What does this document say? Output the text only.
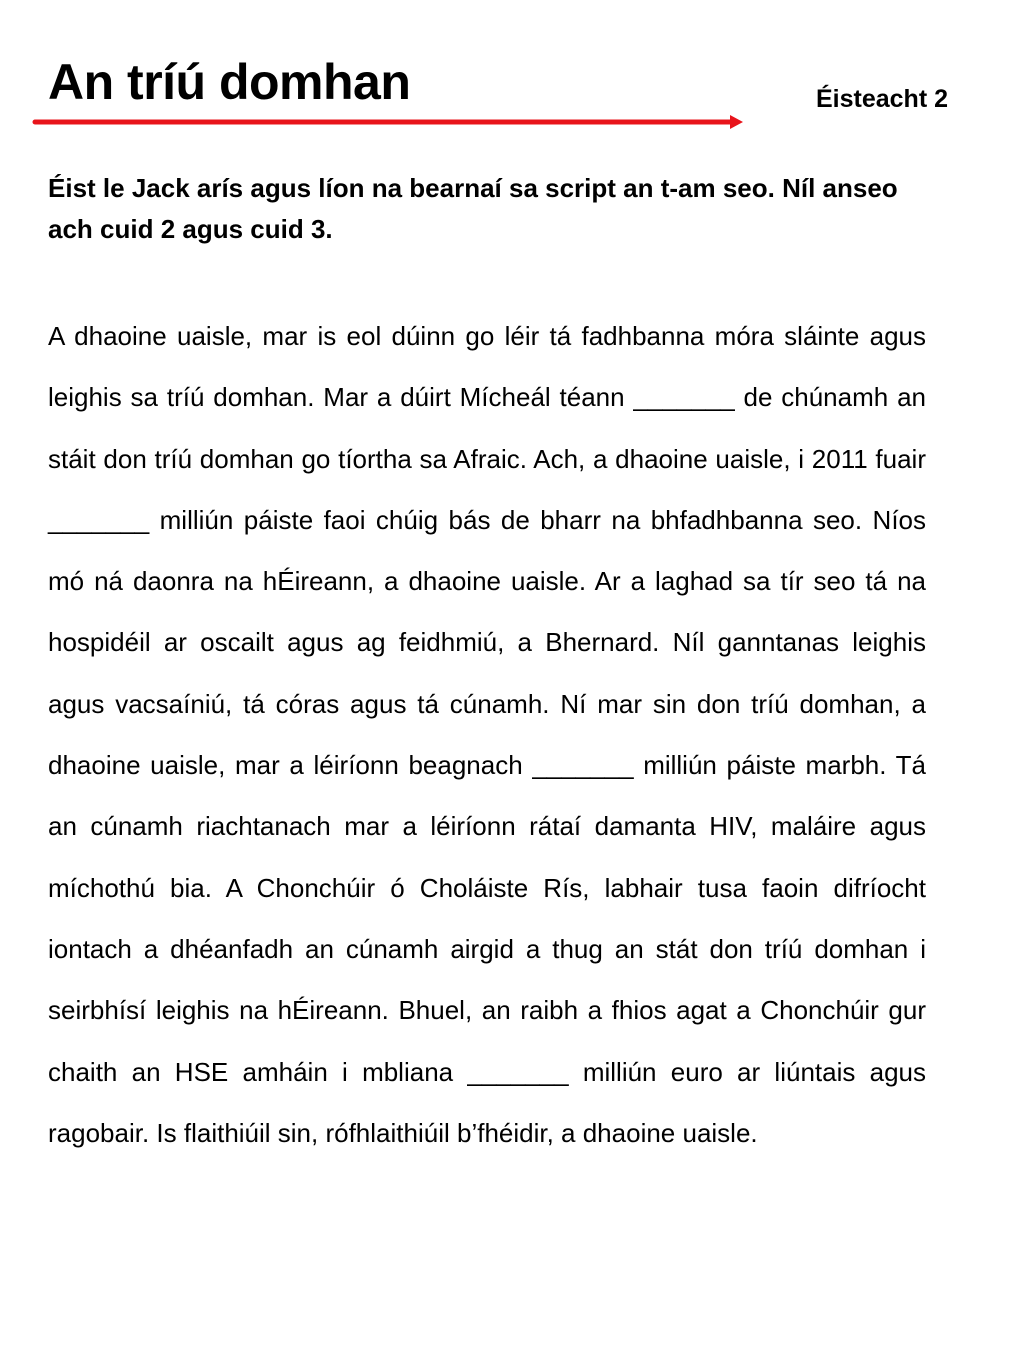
An tríú domhan	Éisteacht 2

Éist le Jack arís agus líon na bearnaí sa script an t-am seo. Níl anseo ach cuid 2 agus cuid 3.

A dhaoine uaisle, mar is eol dúinn go léir tá fadhbanna móra sláinte agus leighis sa tríú domhan. Mar a dúirt Mícheál téann _______ de chúnamh an stáit don tríú domhan go tíortha sa Afraic. Ach, a dhaoine uaisle, i 2011 fuair _______ milliún páiste faoi chúig bás de bharr na bhfadhbanna seo. Níos mó ná daonra na hÉireann, a dhaoine uaisle. Ar a laghad sa tír seo tá na hospidéil ar oscailt agus ag feidhmiú, a Bhernard. Níl ganntanas leighis agus vacsaíniú, tá córas agus tá cúnamh. Ní mar sin don tríú domhan, a dhaoine uaisle, mar a léiríonn beagnach _______ milliún páiste marbh. Tá an cúnamh riachtanach mar a léiríonn rátaí damanta HIV, maláire agus míchothú bia. A Chonchúir ó Choláiste Rís, labhair tusa faoin difríocht iontach a dhéanfadh an cúnamh airgid a thug an stát don tríú domhan i seirbhísí leighis na hÉireann. Bhuel, an raibh a fhios agat a Chonchúir gur chaith an HSE amháin i mbliana _______ milliún euro ar liúntais agus ragobair. Is flaithiúil sin, rófhlaithiúil b’fhéidir, a dhaoine uaisle.
